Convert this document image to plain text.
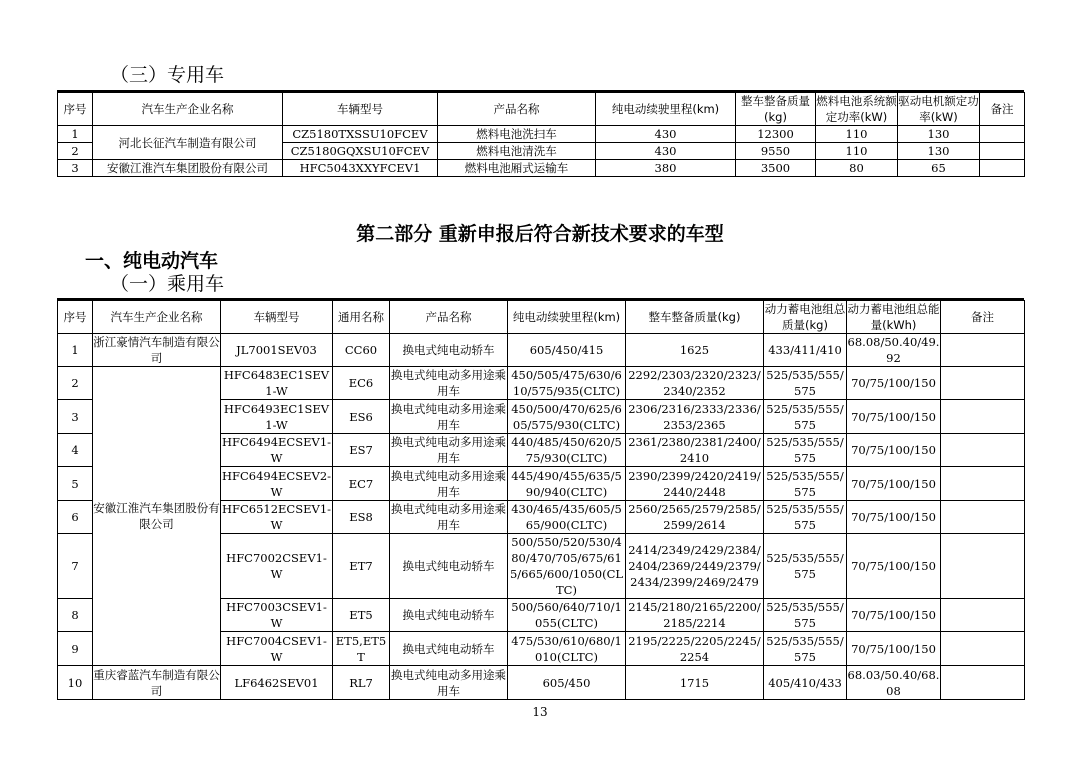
（三）专用车
序号	汽车生产企业名称	车辆型号	产品名称	纯电动续驶里程(km)	整车整备质量(kg)	燃料电池系统额定功率(kW)	驱动电机额定功率(kW)	备注
1	河北长征汽车制造有限公司	CZ5180TXSSU10FCEV	燃料电池洗扫车	430	12300	110	130	
2		CZ5180GQXSU10FCEV	燃料电池清洗车	430	9550	110	130	
3	安徽江淮汽车集团股份有限公司	HFC5043XXYFCEV1	燃料电池厢式运输车	380	3500	80	65	
第二部分 重新申报后符合新技术要求的车型
一、纯电动汽车
（一）乘用车
序号	汽车生产企业名称	车辆型号	通用名称	产品名称	纯电动续驶里程(km)	整车整备质量(kg)	动力蓄电池组总质量(kg)	动力蓄电池组总能量(kWh)	备注
1	浙江豪情汽车制造有限公司	JL7001SEV03	CC60	换电式纯电动轿车	605/450/415	1625	433/411/410	68.08/50.40/49.92	
2	安徽江淮汽车集团股份有限公司	HFC6483EC1SEV1-W	EC6	换电式纯电动多用途乘用车	450/505/475/630/610/575/935(CLTC)	2292/2303/2320/2323/2340/2352	525/535/555/575	70/75/100/150	
3		HFC6493EC1SEV1-W	ES6	换电式纯电动多用途乘用车	450/500/470/625/605/575/930(CLTC)	2306/2316/2333/2336/2353/2365	525/535/555/575	70/75/100/150	
4		HFC6494ECSEV1-W	ES7	换电式纯电动多用途乘用车	440/485/450/620/575/930(CLTC)	2361/2380/2381/2400/2410	525/535/555/575	70/75/100/150	
5		HFC6494ECSEV2-W	EC7	换电式纯电动多用途乘用车	445/490/455/635/590/940(CLTC)	2390/2399/2420/2419/2440/2448	525/535/555/575	70/75/100/150	
6		HFC6512ECSEV1-W	ES8	换电式纯电动多用途乘用车	430/465/435/605/565/900(CLTC)	2560/2565/2579/2585/2599/2614	525/535/555/575	70/75/100/150	
7		HFC7002CSEV1-W	ET7	换电式纯电动轿车	500/550/520/530/480/470/705/675/615/665/600/1050(CLTC)	2414/2349/2429/2384/2404/2369/2449/2379/2434/2399/2469/2479	525/535/555/575	70/75/100/150	
8		HFC7003CSEV1-W	ET5	换电式纯电动轿车	500/560/640/710/1055(CLTC)	2145/2180/2165/2200/2185/2214	525/535/555/575	70/75/100/150	
9		HFC7004CSEV1-W	ET5,ET5T	换电式纯电动轿车	475/530/610/680/1010(CLTC)	2195/2225/2205/2245/2254	525/535/555/575	70/75/100/150	
10	重庆睿蓝汽车制造有限公司	LF6462SEV01	RL7	换电式纯电动多用途乘用车	605/450	1715	405/410/433	68.03/50.40/68.08	
13
